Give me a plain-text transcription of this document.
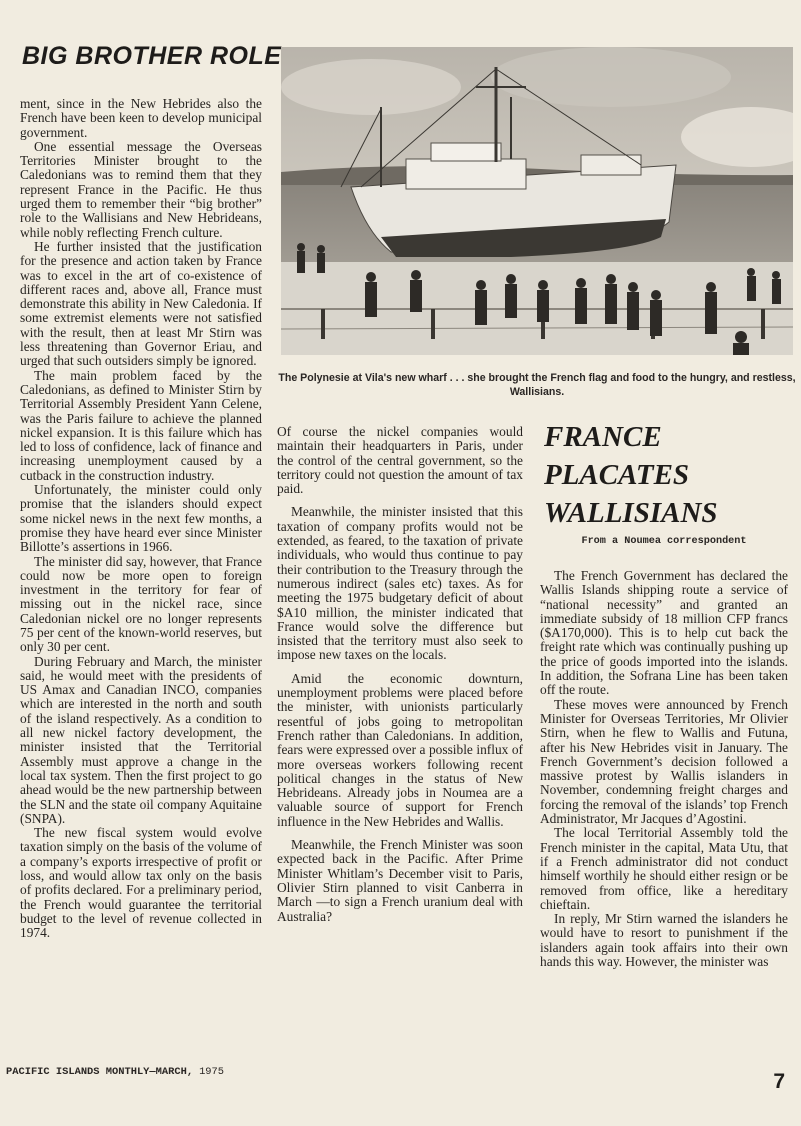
BIG BROTHER ROLE

ment, since in the New Hebrides also the French have been keen to develop municipal government.

One essential message the Overseas Territories Minister brought to the Caledonians was to remind them that they represent France in the Pacific. He thus urged them to remember their “big brother” role to the Wallisians and New Hebrideans, while nobly reflecting French culture.

He further insisted that the justification for the presence and action taken by France was to excel in the art of co-existence of different races and, above all, France must demonstrate this ability in New Caledonia. If some extremist elements were not satisfied with the result, then at least Mr Stirn was less threatening than Governor Eriau, and urged that such outsiders simply be ignored.

The main problem faced by the Caledonians, as defined to Minister Stirn by Territorial Assembly President Yann Celene, was the Paris failure to achieve the planned nickel expansion. It is this failure which has led to loss of confidence, lack of finance and increasing unemployment caused by a cutback in the construction industry.

Unfortunately, the minister could only promise that the islanders should expect some nickel news in the next few months, a promise they have heard ever since Minister Billotte’s assertions in 1966.

The minister did say, however, that France could now be more open to foreign investment in the territory for fear of missing out in the nickel race, since Caledonian nickel ore no longer represents 75 per cent of the known-world reserves, but only 30 per cent.

During February and March, the minister said, he would meet with the presidents of US Amax and Canadian INCO, companies which are interested in the north and south of the island respectively. As a condition to all new nickel factory development, the minister insisted that the Territorial Assembly must approve a change in the local tax system. Then the first project to go ahead would be the new partnership between the SLN and the state oil company Aquitaine (SNPA).

The new fiscal system would evolve taxation simply on the basis of the volume of a company’s exports irrespective of profit or loss, and would allow tax only on the basis of profits declared. For a preliminary period, the French would guarantee the territorial budget to the level of revenue collected in 1974.

The Polynesie at Vila's new wharf . . . she brought the French flag and food to the hungry, and restless, Wallisians.

Of course the nickel companies would maintain their headquarters in Paris, under the control of the central government, so the territory could not question the amount of tax paid.

Meanwhile, the minister insisted that this taxation of company profits would not be extended, as feared, to the taxation of private individuals, who would thus continue to pay their contribution to the Treasury through the numerous indirect (sales etc) taxes. As for meeting the 1975 budgetary deficit of about $A10 million, the minister indicated that France would solve the difference but insisted that the territory must also seek to impose new taxes on the locals.

Amid the economic downturn, unemployment problems were placed before the minister, with unionists particularly resentful of jobs going to metropolitan French rather than Caledonians. In addition, fears were expressed over a possible influx of more overseas workers following recent political changes in the status of New Hebrideans. Already jobs in Noumea are a valuable source of support for French influence in the New Hebrides and Wallis.

Meanwhile, the French Minister was soon expected back in the Pacific. After Prime Minister Whitlam’s December visit to Paris, Olivier Stirn planned to visit Canberra in March —to sign a French uranium deal with Australia?

FRANCE
PLACATES
WALLISIANS

From a Noumea correspondent

The French Government has declared the Wallis Islands shipping route a service of “national necessity” and granted an immediate subsidy of 18 million CFP francs ($A170,000). This is to help cut back the freight rate which was continually pushing up the price of goods imported into the islands. In addition, the Sofrana Line has been taken off the route.

These moves were announced by French Minister for Overseas Territories, Mr Olivier Stirn, when he flew to Wallis and Futuna, after his New Hebrides visit in January. The French Government’s decision followed a massive protest by Wallis islanders in November, condemning freight charges and forcing the removal of the islands’ top French Administrator, Mr Jacques d’Agostini.

The local Territorial Assembly told the French minister in the capital, Mata Utu, that if a French administrator did not conduct himself worthily he should either resign or be removed from office, like a hereditary chieftain.

In reply, Mr Stirn warned the islanders he would have to resort to punishment if the islanders again took affairs into their own hands this way. However, the minister was

PACIFIC ISLANDS MONTHLY—MARCH, 1975	7
